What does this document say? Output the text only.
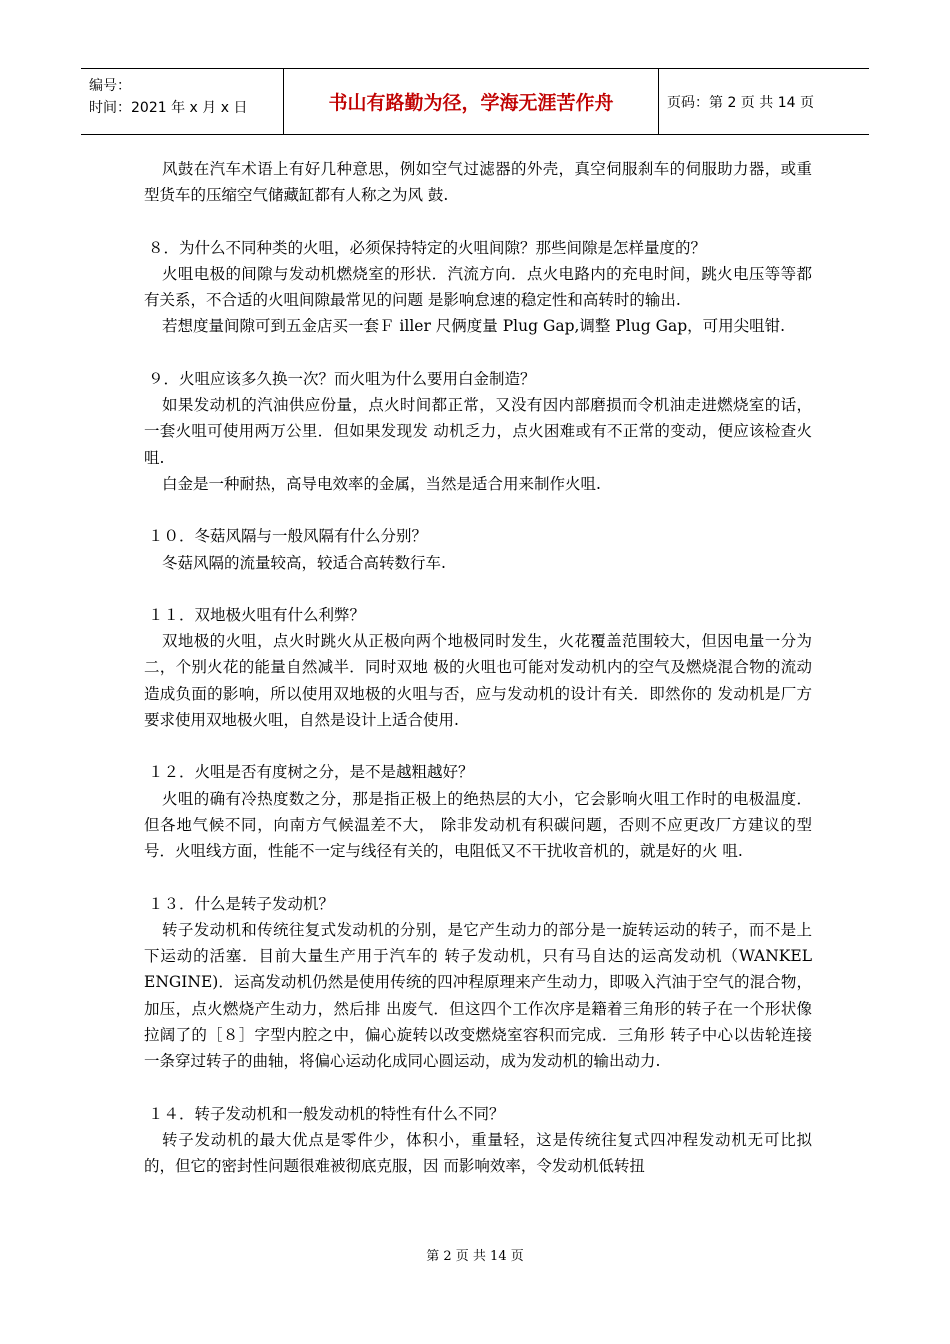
编号：
时间：2021 年 x 月 x 日	书山有路勤为径，学海无涯苦作舟	页码：第 2 页 共 14 页
风鼓在汽车术语上有好几种意思，例如空气过滤器的外壳，真空伺服刹车的伺服助力器，或重型货车的压缩空气储藏缸都有人称之为风 鼓.
８．为什么不同种类的火咀，必须保持特定的火咀间隙？那些间隙是怎样量度的？
火咀电极的间隙与发动机燃烧室的形状．汽流方向．点火电路内的充电时间，跳火电压等等都有关系，不合适的火咀间隙最常见的问题 是影响怠速的稳定性和高转时的输出.
若想度量间隙可到五金店买一套Ｆ iller 尺俩度量 Plug Gap,调整 Plug Gap，可用尖咀钳.
９．火咀应该多久换一次？而火咀为什么要用白金制造？
如果发动机的汽油供应份量，点火时间都正常，又没有因内部磨损而令机油走进燃烧室的话，一套火咀可使用两万公里．但如果发现发 动机乏力，点火困难或有不正常的变动，便应该检查火咀.
白金是一种耐热，高导电效率的金属，当然是适合用来制作火咀.
１０．冬菇风隔与一般风隔有什么分别？
冬菇风隔的流量较高，较适合高转数行车.
１１．双地极火咀有什么利弊？
双地极的火咀，点火时跳火从正极向两个地极同时发生，火花覆盖范围较大，但因电量一分为二，个别火花的能量自然减半．同时双地 极的火咀也可能对发动机内的空气及燃烧混合物的流动造成负面的影响，所以使用双地极的火咀与否，应与发动机的设计有关．即然你的 发动机是厂方要求使用双地极火咀，自然是设计上适合使用.
１２．火咀是否有度树之分，是不是越粗越好？
火咀的确有冷热度数之分，那是指正极上的绝热层的大小，它会影响火咀工作时的电极温度．但各地气候不同，向南方气候温差不大， 除非发动机有积碳问题，否则不应更改厂方建议的型号．火咀线方面，性能不一定与线径有关的，电阻低又不干扰收音机的，就是好的火 咀.
１３．什么是转子发动机？
转子发动机和传统往复式发动机的分别，是它产生动力的部分是一旋转运动的转子，而不是上下运动的活塞．目前大量生产用于汽车的 转子发动机，只有马自达的运高发动机（WANKEL ENGINE)．运高发动机仍然是使用传统的四冲程原理来产生动力，即吸入汽油于空气的混合物，加压，点火燃烧产生动力，然后排 出废气．但这四个工作次序是籍着三角形的转子在一个形状像拉阔了的［８］字型内腔之中，偏心旋转以改变燃烧室容积而完成．三角形 转子中心以齿轮连接一条穿过转子的曲轴，将偏心运动化成同心圆运动，成为发动机的输出动力.
１４．转子发动机和一般发动机的特性有什么不同？
转子发动机的最大优点是零件少，体积小，重量轻，这是传统往复式四冲程发动机无可比拟的，但它的密封性问题很难被彻底克服，因 而影响效率，令发动机低转扭
第 2 页 共 14 页
